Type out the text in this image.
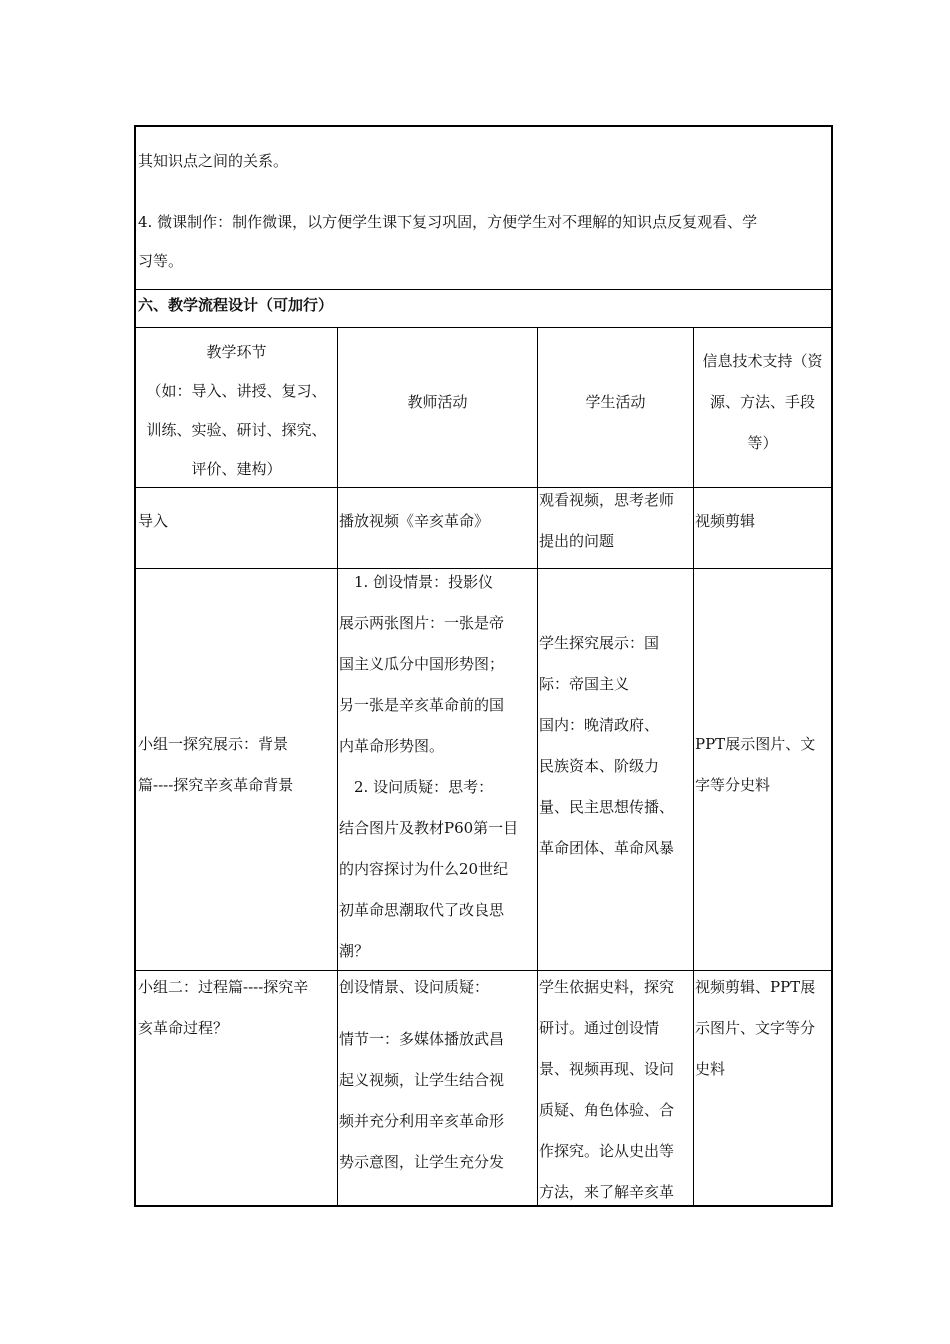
其知识点之间的关系。

4. 微课制作：制作微课，以方便学生课下复习巩固，方便学生对不理解的知识点反复观看、学

习等。

六、教学流程设计（可加行）
教学环节
（如：导入、讲授、复习、
训练、实验、研讨、探究、
评价、建构）
教师活动	学生活动
信息技术支持（资
源、方法、手段
等）
导入	播放视频《辛亥革命》
观看视频，思考老师
提出的问题
视频剪辑
小组一探究展示：背景
篇----探究辛亥革命背景
　1. 创设情景：投影仪
展示两张图片：一张是帝
国主义瓜分中国形势图；
另一张是辛亥革命前的国
内革命形势图。
　2. 设问质疑：思考：
结合图片及教材P60第一目
的内容探讨为什么20世纪
初革命思潮取代了改良思
潮？
学生探究展示：国
际：帝国主义
国内：晚清政府、
民族资本、阶级力
量、民主思想传播、
革命团体、革命风暴
PPT展示图片、文
字等分史料
小组二：过程篇----探究辛
亥革命过程？
创设情景、设问质疑：
情节一：多媒体播放武昌
起义视频，让学生结合视
频并充分利用辛亥革命形
势示意图，让学生充分发
学生依据史料，探究
研讨。通过创设情
景、视频再现、设问
质疑、角色体验、合
作探究。论从史出等
方法，来了解辛亥革
视频剪辑、PPT展
示图片、文字等分
史料
